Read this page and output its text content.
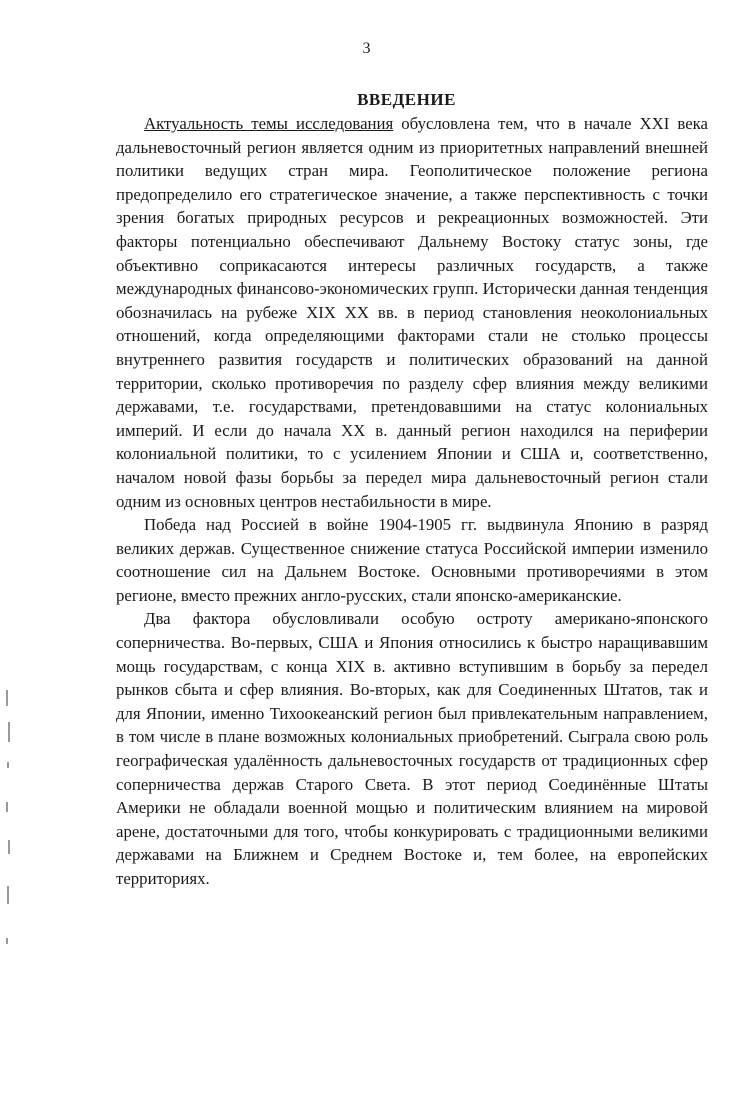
3
ВВЕДЕНИЕ

Актуальность темы исследования обусловлена тем, что в начале XXI века дальневосточный регион является одним из приоритетных направлений внешней политики ведущих стран мира. Геополитическое положение региона предопределило его стратегическое значение, а также перспективность с точки зрения богатых природных ресурсов и рекреационных возможностей. Эти факторы потенциально обеспечивают Дальнему Востоку статус зоны, где объективно соприкасаются интересы различных государств, а также международных финансово-экономических групп. Исторически данная тенденция обозначилась на рубеже XIX XX вв. в период становления неоколониальных отношений, когда определяющими факторами стали не столько процессы внутреннего развития государств и политических образований на данной территории, сколько противоречия по разделу сфер влияния между великими державами, т.е. государствами, претендовавшими на статус колониальных империй. И если до начала XX в. данный регион находился на периферии колониальной политики, то с усилением Японии и США и, соответственно, началом новой фазы борьбы за передел мира дальневосточный регион стали одним из основных центров нестабильности в мире.

Победа над Россией в войне 1904-1905 гг. выдвинула Японию в разряд великих держав. Существенное снижение статуса Российской империи изменило соотношение сил на Дальнем Востоке. Основными противоречиями в этом регионе, вместо прежних англо-русских, стали японско-американские.

Два фактора обусловливали особую остроту американо-японского соперничества. Во-первых, США и Япония относились к быстро наращивавшим мощь государствам, с конца XIX в. активно вступившим в борьбу за передел рынков сбыта и сфер влияния. Во-вторых, как для Соединенных Штатов, так и для Японии, именно Тихоокеанский регион был привлекательным направлением, в том числе в плане возможных колониальных приобретений. Сыграла свою роль географическая удалённость дальневосточных государств от традиционных сфер соперничества держав Старого Света. В этот период Соединённые Штаты Америки не обладали военной мощью и политическим влиянием на мировой арене, достаточными для того, чтобы конкурировать с традиционными великими державами на Ближнем и Среднем Востоке и, тем более, на европейских территориях.
